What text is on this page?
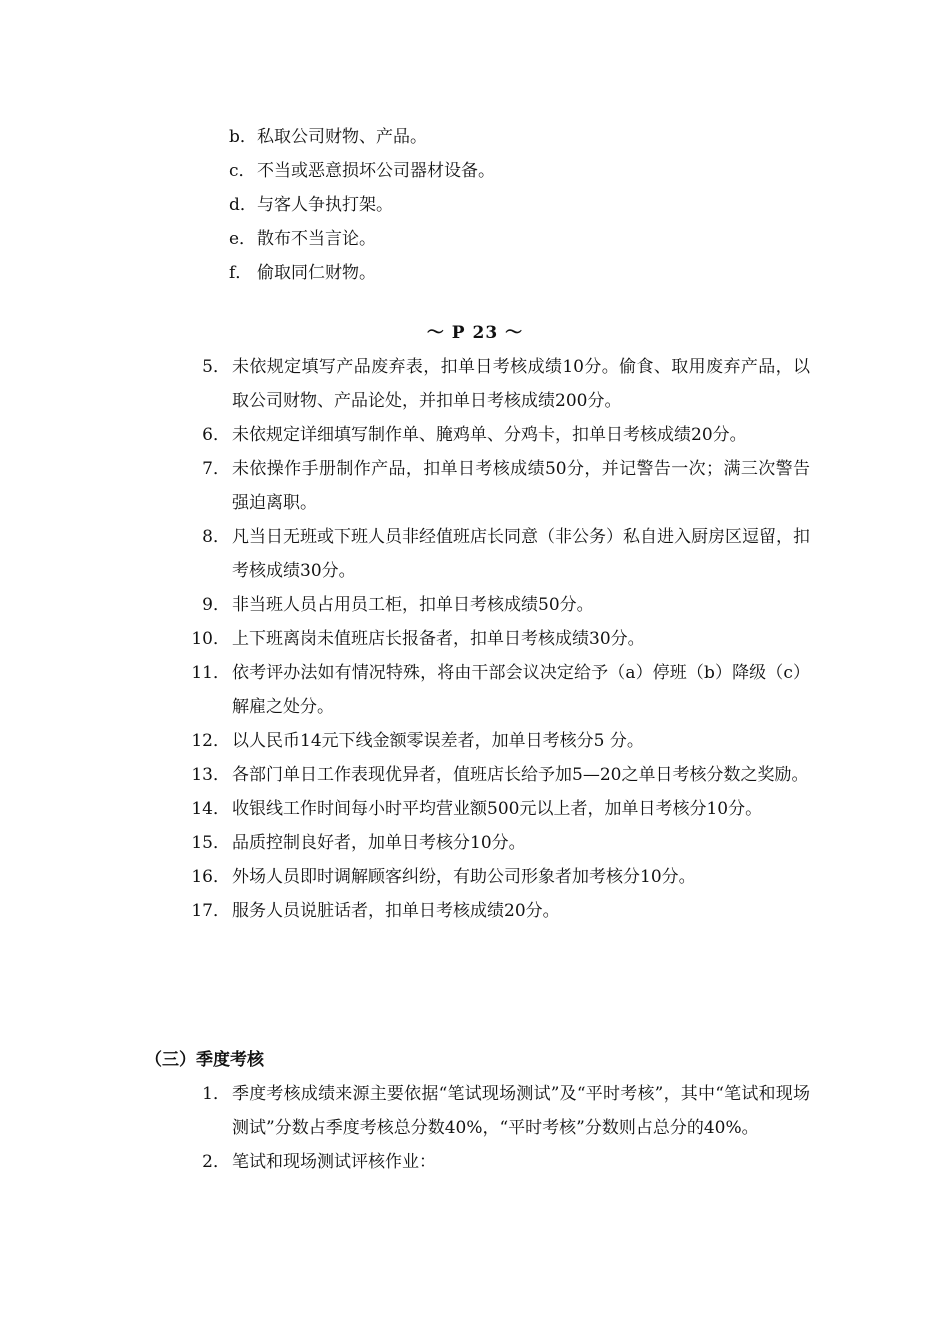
b．私取公司财物、产品。
c．不当或恶意损坏公司器材设备。
d．与客人争执打架。
e．散布不当言论。
f． 偷取同仁财物。
～ P 23 ～
5． 未依规定填写产品废弃表，扣单日考核成绩10分。偷食、取用废弃产品，以取公司财物、产品论处，并扣单日考核成绩200分。
6． 未依规定详细填写制作单、腌鸡单、分鸡卡，扣单日考核成绩20分。
7． 未依操作手册制作产品，扣单日考核成绩50分，并记警告一次；满三次警告强迫离职。
8． 凡当日无班或下班人员非经值班店长同意（非公务）私自进入厨房区逗留，扣考核成绩30分。
9． 非当班人员占用员工柜，扣单日考核成绩50分。
10． 上下班离岗未值班店长报备者，扣单日考核成绩30分。
11． 依考评办法如有情况特殊，将由干部会议决定给予（a）停班（b）降级（c）解雇之处分。
12． 以人民币14元下线金额零误差者，加单日考核分5 分。
13． 各部门单日工作表现优异者，值班店长给予加5—20之单日考核分数之奖励。
14． 收银线工作时间每小时平均营业额500元以上者，加单日考核分10分。
15． 品质控制良好者，加单日考核分10分。
16． 外场人员即时调解顾客纠纷，有助公司形象者加考核分10分。
17． 服务人员说脏话者，扣单日考核成绩20分。
（三）季度考核
1． 季度考核成绩来源主要依据“笔试现场测试”及“平时考核”，其中“笔试和现场测试”分数占季度考核总分数40%，“平时考核”分数则占总分的40%。
2． 笔试和现场测试评核作业：
